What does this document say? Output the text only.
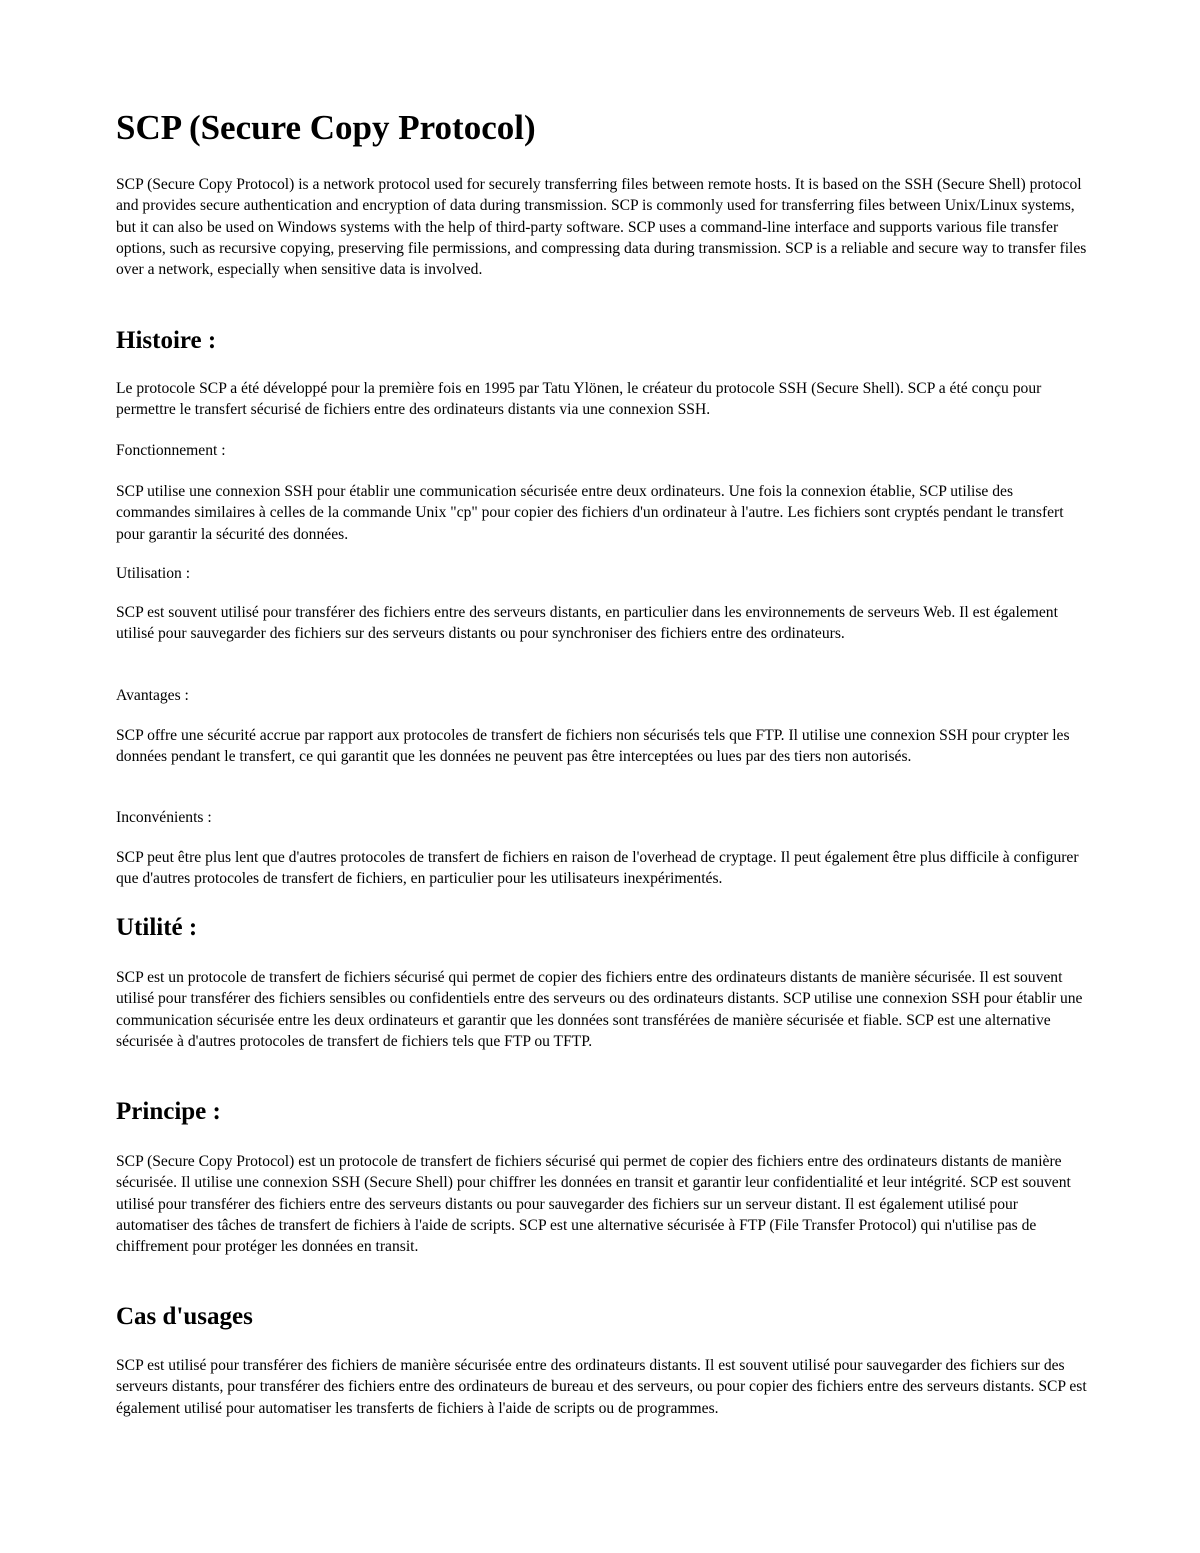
SCP (Secure Copy Protocol)

SCP (Secure Copy Protocol) is a network protocol used for securely transferring files between remote hosts. It is based on the SSH (Secure Shell) protocol and provides secure authentication and encryption of data during transmission. SCP is commonly used for transferring files between Unix/Linux systems, but it can also be used on Windows systems with the help of third-party software. SCP uses a command-line interface and supports various file transfer options, such as recursive copying, preserving file permissions, and compressing data during transmission. SCP is a reliable and secure way to transfer files over a network, especially when sensitive data is involved.

Histoire :

Le protocole SCP a été développé pour la première fois en 1995 par Tatu Ylönen, le créateur du protocole SSH (Secure Shell). SCP a été conçu pour permettre le transfert sécurisé de fichiers entre des ordinateurs distants via une connexion SSH.

Fonctionnement :

SCP utilise une connexion SSH pour établir une communication sécurisée entre deux ordinateurs. Une fois la connexion établie, SCP utilise des commandes similaires à celles de la commande Unix "cp" pour copier des fichiers d'un ordinateur à l'autre. Les fichiers sont cryptés pendant le transfert pour garantir la sécurité des données.

Utilisation :

SCP est souvent utilisé pour transférer des fichiers entre des serveurs distants, en particulier dans les environnements de serveurs Web. Il est également utilisé pour sauvegarder des fichiers sur des serveurs distants ou pour synchroniser des fichiers entre des ordinateurs.

Avantages :

SCP offre une sécurité accrue par rapport aux protocoles de transfert de fichiers non sécurisés tels que FTP. Il utilise une connexion SSH pour crypter les données pendant le transfert, ce qui garantit que les données ne peuvent pas être interceptées ou lues par des tiers non autorisés.

Inconvénients :

SCP peut être plus lent que d'autres protocoles de transfert de fichiers en raison de l'overhead de cryptage. Il peut également être plus difficile à configurer que d'autres protocoles de transfert de fichiers, en particulier pour les utilisateurs inexpérimentés.

Utilité :

SCP est un protocole de transfert de fichiers sécurisé qui permet de copier des fichiers entre des ordinateurs distants de manière sécurisée. Il est souvent utilisé pour transférer des fichiers sensibles ou confidentiels entre des serveurs ou des ordinateurs distants. SCP utilise une connexion SSH pour établir une communication sécurisée entre les deux ordinateurs et garantir que les données sont transférées de manière sécurisée et fiable. SCP est une alternative sécurisée à d'autres protocoles de transfert de fichiers tels que FTP ou TFTP.

Principe :

SCP (Secure Copy Protocol) est un protocole de transfert de fichiers sécurisé qui permet de copier des fichiers entre des ordinateurs distants de manière sécurisée. Il utilise une connexion SSH (Secure Shell) pour chiffrer les données en transit et garantir leur confidentialité et leur intégrité. SCP est souvent utilisé pour transférer des fichiers entre des serveurs distants ou pour sauvegarder des fichiers sur un serveur distant. Il est également utilisé pour automatiser des tâches de transfert de fichiers à l'aide de scripts. SCP est une alternative sécurisée à FTP (File Transfer Protocol) qui n'utilise pas de chiffrement pour protéger les données en transit.

Cas d'usages

SCP est utilisé pour transférer des fichiers de manière sécurisée entre des ordinateurs distants. Il est souvent utilisé pour sauvegarder des fichiers sur des serveurs distants, pour transférer des fichiers entre des ordinateurs de bureau et des serveurs, ou pour copier des fichiers entre des serveurs distants. SCP est également utilisé pour automatiser les transferts de fichiers à l'aide de scripts ou de programmes.
